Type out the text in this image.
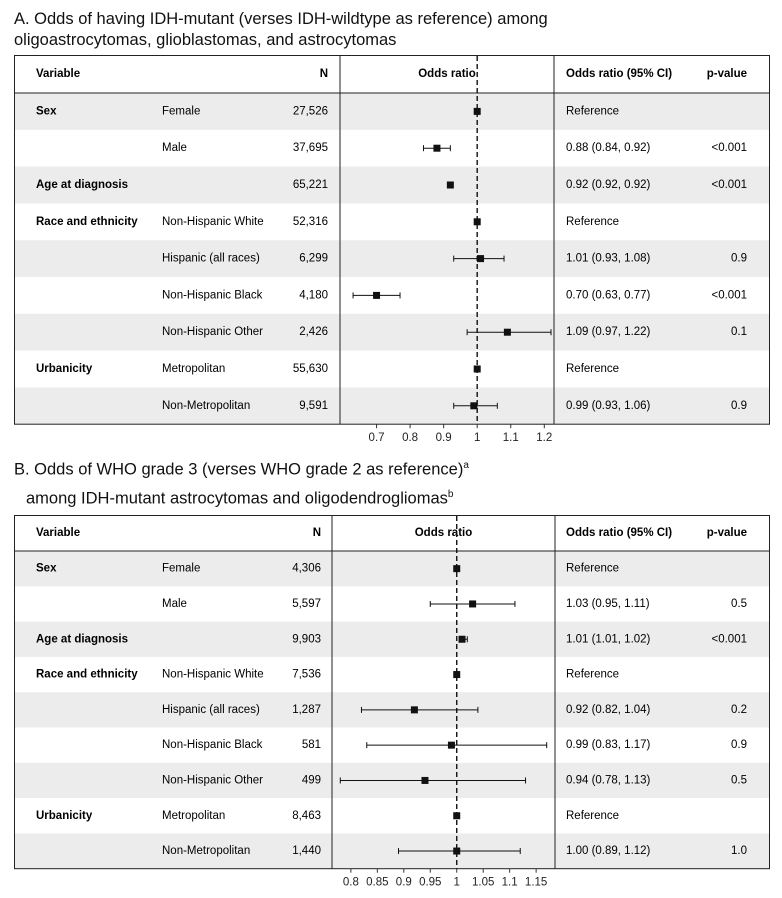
A. Odds of having IDH-mutant (verses IDH-wildtype as reference) among
oligoastrocytomas, glioblastomas, and astrocytomas
Variable	N	Odds ratio	Odds ratio (95% CI)	p-value
Sex	Female	27,526	Reference
Male	37,695	0.88 (0.84, 0.92)	<0.001
Age at diagnosis	65,221	0.92 (0.92, 0.92)	<0.001
Race and ethnicity Non-Hispanic White	52,316	Reference
Hispanic (all races)	6,299	1.01 (0.93, 1.08)	0.9
Non-Hispanic Black	4,180	0.70 (0.63, 0.77)	<0.001
Non-Hispanic Other	2,426	1.09 (0.97, 1.22)	0.1
Urbanicity	Metropolitan	55,630	Reference
Non-Metropolitan	9,591	0.99 (0.93, 1.06)	0.9
0.7 0.8 0.9 1 1.1 1.2
B. Odds of WHO grade 3 (verses WHO grade 2 as reference)$^a$
among IDH-mutant astrocytomas and oligodendrogliomas$^b$
Variable	N	Odds ratio	Odds ratio (95% CI)	p-value
Sex	Female	4,306	Reference
Male	5,597	1.03 (0.95, 1.11)	0.5
Age at diagnosis	9,903	1.01 (1.01, 1.02)	<0.001
Race and ethnicity Non-Hispanic White 7,536	Reference
Hispanic (all races)	1,287	0.92 (0.82, 1.04)	0.2
Non-Hispanic Black	581	0.99 (0.83, 1.17)	0.9
Non-Hispanic Other	499	0.94 (0.78, 1.13)	0.5
Urbanicity	Metropolitan	8,463	Reference
Non-Metropolitan	1,440	1.00 (0.89, 1.12)	1.0
0.8 0.85 0.9 0.95 1 1.05 1.1 1.15
